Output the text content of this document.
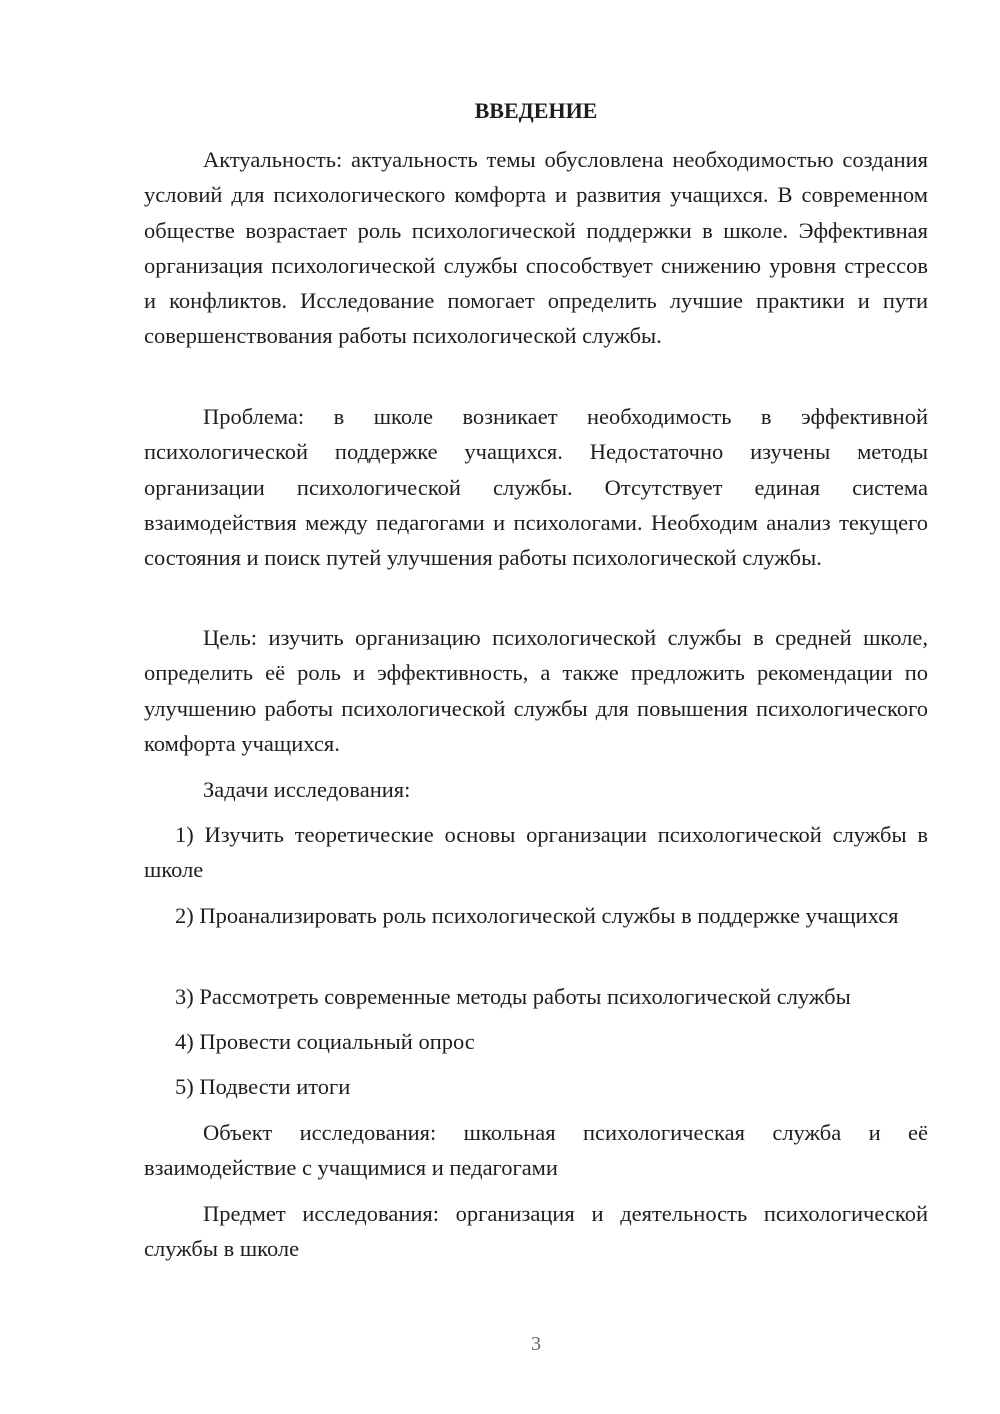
ВВЕДЕНИЕ

Актуальность: актуальность темы обусловлена необходимостью создания условий для психологического комфорта и развития учащихся. В современном обществе возрастает роль психологической поддержки в школе. Эффективная организация психологической службы способствует снижению уровня стрессов и конфликтов. Исследование помогает определить лучшие практики и пути совершенствования работы психологической службы.

Проблема: в школе возникает необходимость в эффективной психологической поддержке учащихся. Недостаточно изучены методы организации психологической службы. Отсутствует единая система взаимодействия между педагогами и психологами. Необходим анализ текущего состояния и поиск путей улучшения работы психологической службы.

Цель: изучить организацию психологической службы в средней школе, определить её роль и эффективность, а также предложить рекомендации по улучшению работы психологической службы для повышения психологического комфорта учащихся.

Задачи исследования:

1) Изучить теоретические основы организации психологической службы в школе

2) Проанализировать роль психологической службы в поддержке учащихся

3) Рассмотреть современные методы работы психологической службы

4) Провести социальный опрос

5) Подвести итоги

Объект исследования: школьная психологическая служба и её взаимодействие с учащимися и педагогами

Предмет исследования: организация и деятельность психологической службы в школе

3
